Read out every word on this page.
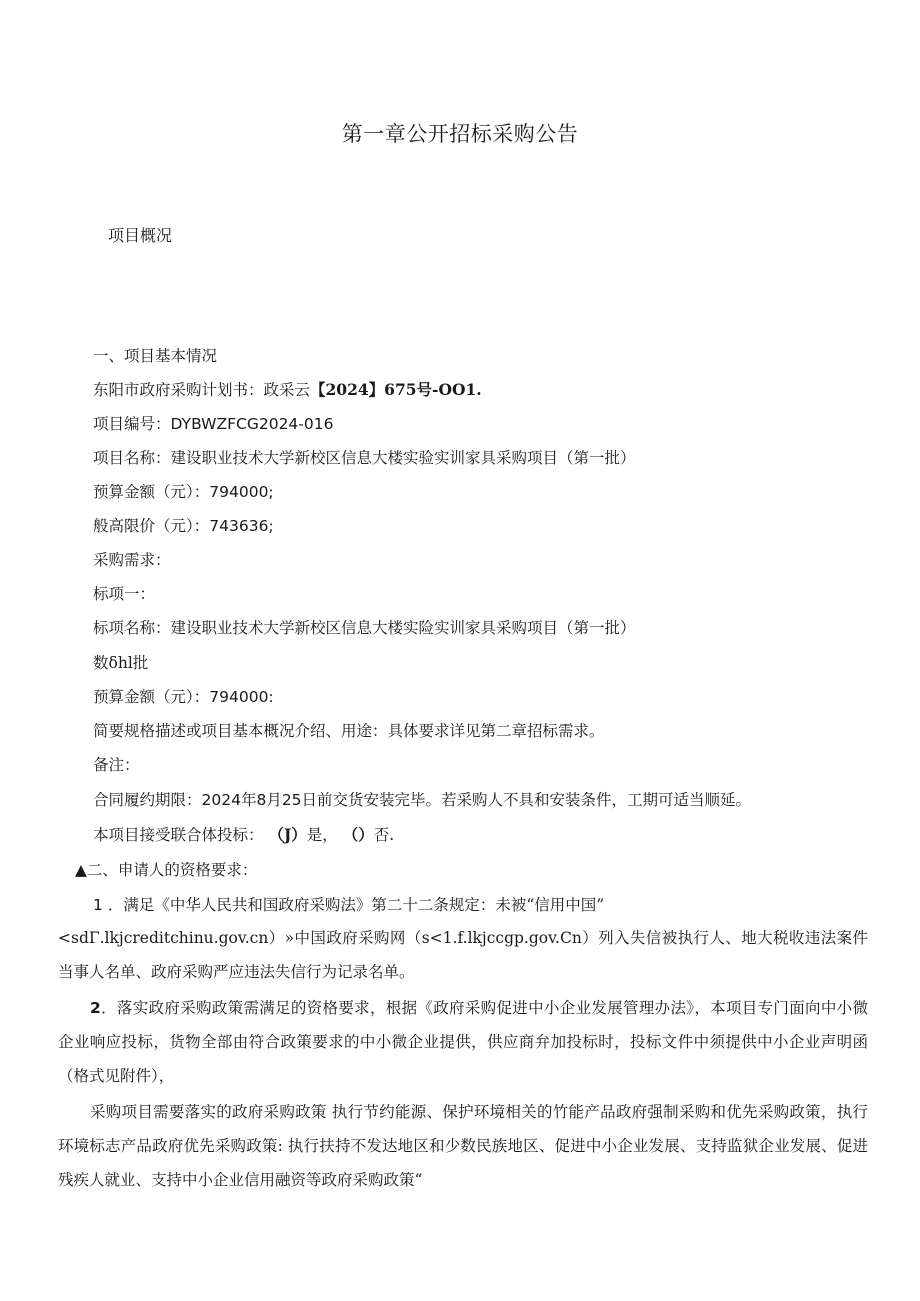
第一章公开招标采购公告
项目概况
一、项目基本情况
东阳市政府采购计划书：政采云【2024】675号-OO1.
项目编号：DYBWZFCG2024-016
项目名称：建设职业技术大学新校区信息大楼实验实训家具采购项目（第一批）
预算金额（元）：794000;
般高限价（元）：743636;
采购需求：
标项一：
标项名称：建设职业技术大学新校区信息大楼实险实训家具采购项目（第一批）
数δhl批
预算金额（元）：794000:
简要规格描述或项目基本概况介绍、用途：具体要求详见第二章招标需求。
备注：
合同履约期限：2024年8月25日前交货安装完毕。若采购人不具和安装条件，工期可适当顺延。
本项目接受联合体投标： （J）是， （）否.
▲二、申请人的资格要求：
1 ．满足《中华人民共和国政府采购法》第二十二条规定：未被“信用中国”
<sdΓ.lkjcreditchinu.gov.cn）»中国政府采购网（s<1.f.lkjccgp.gov.Cn）列入失信被执行人、地大税收违法案件当事人名单、政府采购严应违法失信行为记录名单。
2．落实政府采购政策需满足的资格要求，根据《政府采购促进中小企业发展管理办法》，本项目专门面向中小微企业响应投标，货物全部由符合政策要求的中小微企业提供，供应商弁加投标时，投标文件中须提供中小企业声明函（格式见附件），
采购项目需要落实的政府采购政策 执行节约能源、保护环境相关的竹能产品政府强制采购和优先采购政策，执行环境标志产品政府优先采购政策: 执行扶持不发达地区和少数民族地区、促进中小企业发展、支持监狱企业发展、促进残疾人就业、支持中小企业信用融资等政府采购政策“
